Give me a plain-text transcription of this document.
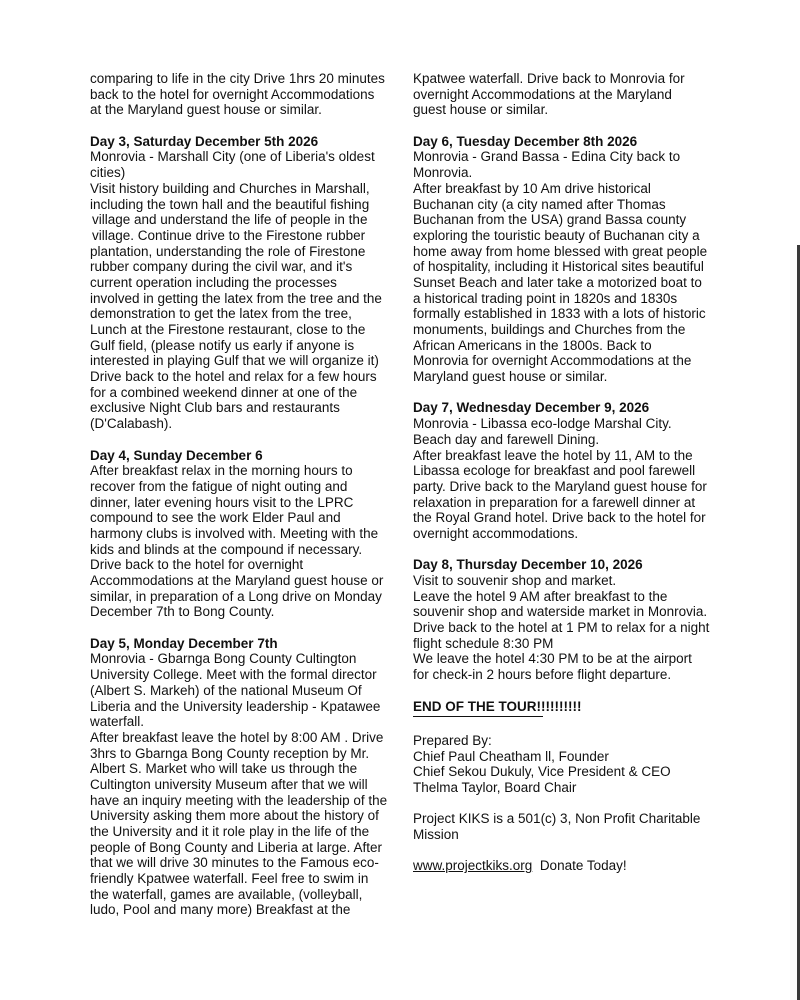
comparing to life in the city Drive 1hrs 20 minutes
back to the hotel for overnight Accommodations
at the Maryland guest house or similar.
Day 3, Saturday December 5th 2026
Monrovia - Marshall City (one of Liberia's oldest
cities)
Visit history building and Churches in Marshall,
including the town hall and the beautiful fishing
village and understand the life of people in the
village. Continue drive to the Firestone rubber
plantation, understanding the role of Firestone
rubber company during the civil war, and it's
current operation including the processes
involved in getting the latex from the tree and the
demonstration to get the latex from the tree,
Lunch at the Firestone restaurant, close to the
Gulf field, (please notify us early if anyone is
interested in playing Gulf that we will organize it)
Drive back to the hotel and relax for a few hours
for a combined weekend dinner at one of the
exclusive Night Club bars and restaurants
(D'Calabash).
Day 4, Sunday December 6
After breakfast relax in the morning hours to
recover from the fatigue of night outing and
dinner, later evening hours visit to the LPRC
compound to see the work Elder Paul and
harmony clubs is involved with. Meeting with the
kids and blinds at the compound if necessary.
Drive back to the hotel for overnight
Accommodations at the Maryland guest house or
similar, in preparation of a Long drive on Monday
December 7th to Bong County.
Day 5, Monday December 7th
Monrovia - Gbarnga Bong County Cultington
University College. Meet with the formal director
(Albert S. Markeh) of the national Museum Of
Liberia and the University leadership - Kpatawee
waterfall.
After breakfast leave the hotel by 8:00 AM . Drive
3hrs to Gbarnga Bong County reception by Mr.
Albert S. Market who will take us through the
Cultington university Museum after that we will
have an inquiry meeting with the leadership of the
University asking them more about the history of
the University and it it role play in the life of the
people of Bong County and Liberia at large. After
that we will drive 30 minutes to the Famous eco-
friendly Kpatwee waterfall. Feel free to swim in
the waterfall, games are available, (volleyball,
ludo, Pool and many more) Breakfast at the
Kpatwee waterfall. Drive back to Monrovia for
overnight Accommodations at the Maryland
guest house or similar.
Day 6, Tuesday December 8th 2026
Monrovia - Grand Bassa - Edina City back to
Monrovia.
After breakfast by 10 Am drive historical
Buchanan city (a city named after Thomas
Buchanan from the USA) grand Bassa county
exploring the touristic beauty of Buchanan city a
home away from home blessed with great people
of hospitality, including it Historical sites beautiful
Sunset Beach and later take a motorized boat to
a historical trading point in 1820s and 1830s
formally established in 1833 with a lots of historic
monuments, buildings and Churches from the
African Americans in the 1800s. Back to
Monrovia for overnight Accommodations at the
Maryland guest house or similar.
Day 7, Wednesday December 9, 2026
Monrovia - Libassa eco-lodge Marshal City.
Beach day and farewell Dining.
After breakfast leave the hotel by 11, AM to the
Libassa ecologe for breakfast and pool farewell
party. Drive back to the Maryland guest house for
relaxation in preparation for a farewell dinner at
the Royal Grand hotel. Drive back to the hotel for
overnight accommodations.
Day 8, Thursday December 10, 2026
Visit to souvenir shop and market.
Leave the hotel 9 AM after breakfast to the
souvenir shop and waterside market in Monrovia.
Drive back to the hotel at 1 PM to relax for a night
flight schedule 8:30 PM
We leave the hotel 4:30 PM to be at the airport
for check-in 2 hours before flight departure.
END OF THE TOUR!!!!!!!!!!
Prepared By:
Chief Paul Cheatham ll, Founder
Chief Sekou Dukuly, Vice President & CEO
Thelma Taylor, Board Chair
Project KIKS is a 501(c) 3, Non Profit Charitable
Mission
www.projectkiks.org Donate Today!
